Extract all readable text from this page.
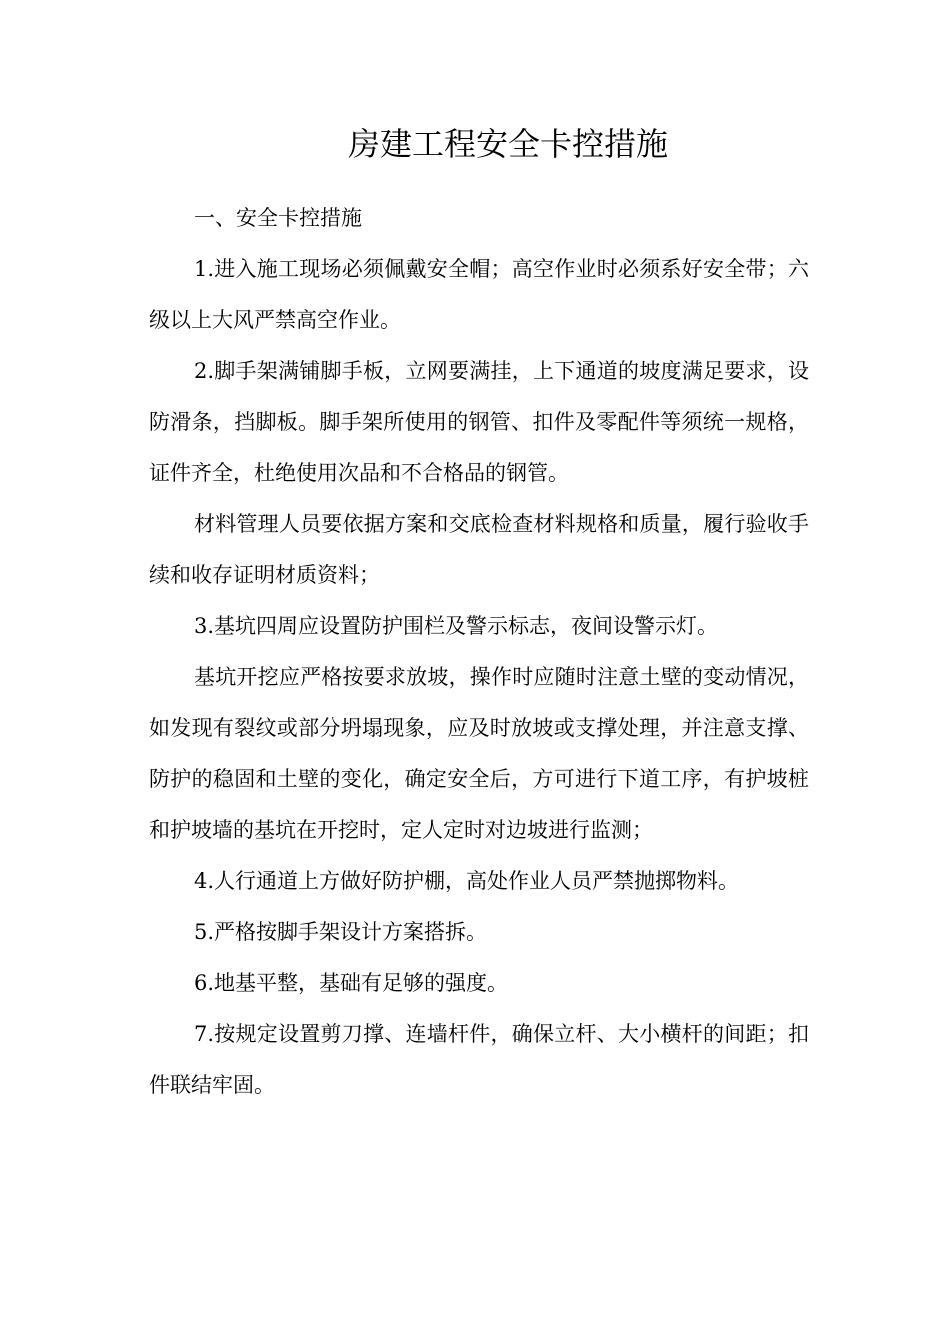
房建工程安全卡控措施

一、安全卡控措施

1.进入施工现场必须佩戴安全帽；高空作业时必须系好安全带；六级以上大风严禁高空作业。

2.脚手架满铺脚手板，立网要满挂，上下通道的坡度满足要求，设防滑条，挡脚板。脚手架所使用的钢管、扣件及零配件等须统一规格，证件齐全，杜绝使用次品和不合格品的钢管。

材料管理人员要依据方案和交底检查材料规格和质量，履行验收手续和收存证明材质资料；

3.基坑四周应设置防护围栏及警示标志，夜间设警示灯。

基坑开挖应严格按要求放坡，操作时应随时注意土壁的变动情况，如发现有裂纹或部分坍塌现象，应及时放坡或支撑处理，并注意支撑、防护的稳固和土壁的变化，确定安全后，方可进行下道工序，有护坡桩和护坡墙的基坑在开挖时，定人定时对边坡进行监测；

4.人行通道上方做好防护棚，高处作业人员严禁抛掷物料。

5.严格按脚手架设计方案搭拆。

6.地基平整，基础有足够的强度。

7.按规定设置剪刀撑、连墙杆件，确保立杆、大小横杆的间距；扣件联结牢固。
